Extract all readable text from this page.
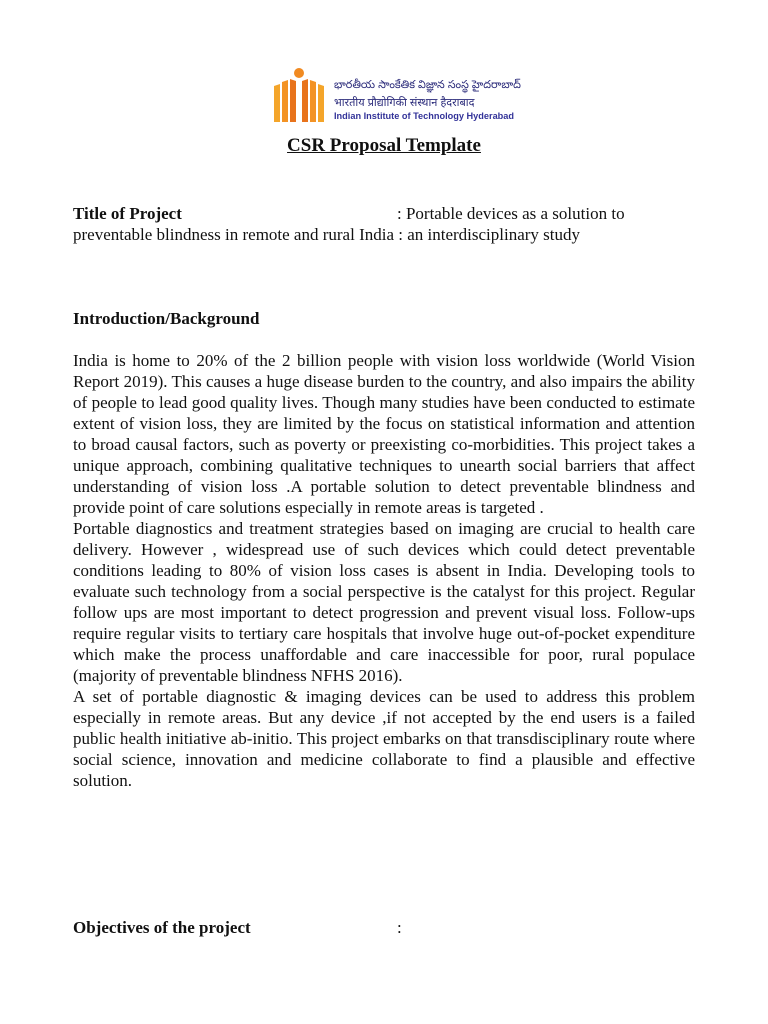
భారతీయ సాంకేతిక విజ్ఞాన సంస్థ హైదరాబాద్
भारतीय प्रौद्योगिकी संस्थान हैदराबाद
Indian Institute of Technology Hyderabad
CSR Proposal Template
Title of Project	: Portable devices as a solution to
preventable blindness in remote and rural India : an interdisciplinary study
Introduction/Background
India is home to 20% of the 2 billion people with vision loss worldwide (World Vision Report 2019). This causes a huge disease burden to the country, and also impairs the ability of people to lead good quality lives. Though many studies have been conducted to estimate extent of vision loss, they are limited by the focus on statistical information and attention to broad causal factors, such as poverty or preexisting co-morbidities. This project takes a unique approach, combining qualitative techniques to unearth social barriers that affect understanding of vision loss .A portable solution to detect preventable blindness and provide point of care solutions especially in remote areas is targeted .
Portable diagnostics and treatment strategies based on imaging are crucial to health care delivery. However , widespread use of such devices which could detect preventable conditions leading to 80% of vision loss cases is absent in India. Developing tools to evaluate such technology from a social perspective is the catalyst for this project. Regular follow ups are most important to detect progression and prevent visual loss. Follow-ups require regular visits to tertiary care hospitals that involve huge out-of-pocket expenditure which make the process unaffordable and care inaccessible for poor, rural populace (majority of preventable blindness NFHS 2016).
A set of portable diagnostic & imaging devices can be used to address this problem especially in remote areas. But any device ,if not accepted by the end users is a failed public health initiative ab-initio. This project embarks on that transdisciplinary route where social science, innovation and medicine collaborate to find a plausible and effective solution.
Objectives of the project	:
